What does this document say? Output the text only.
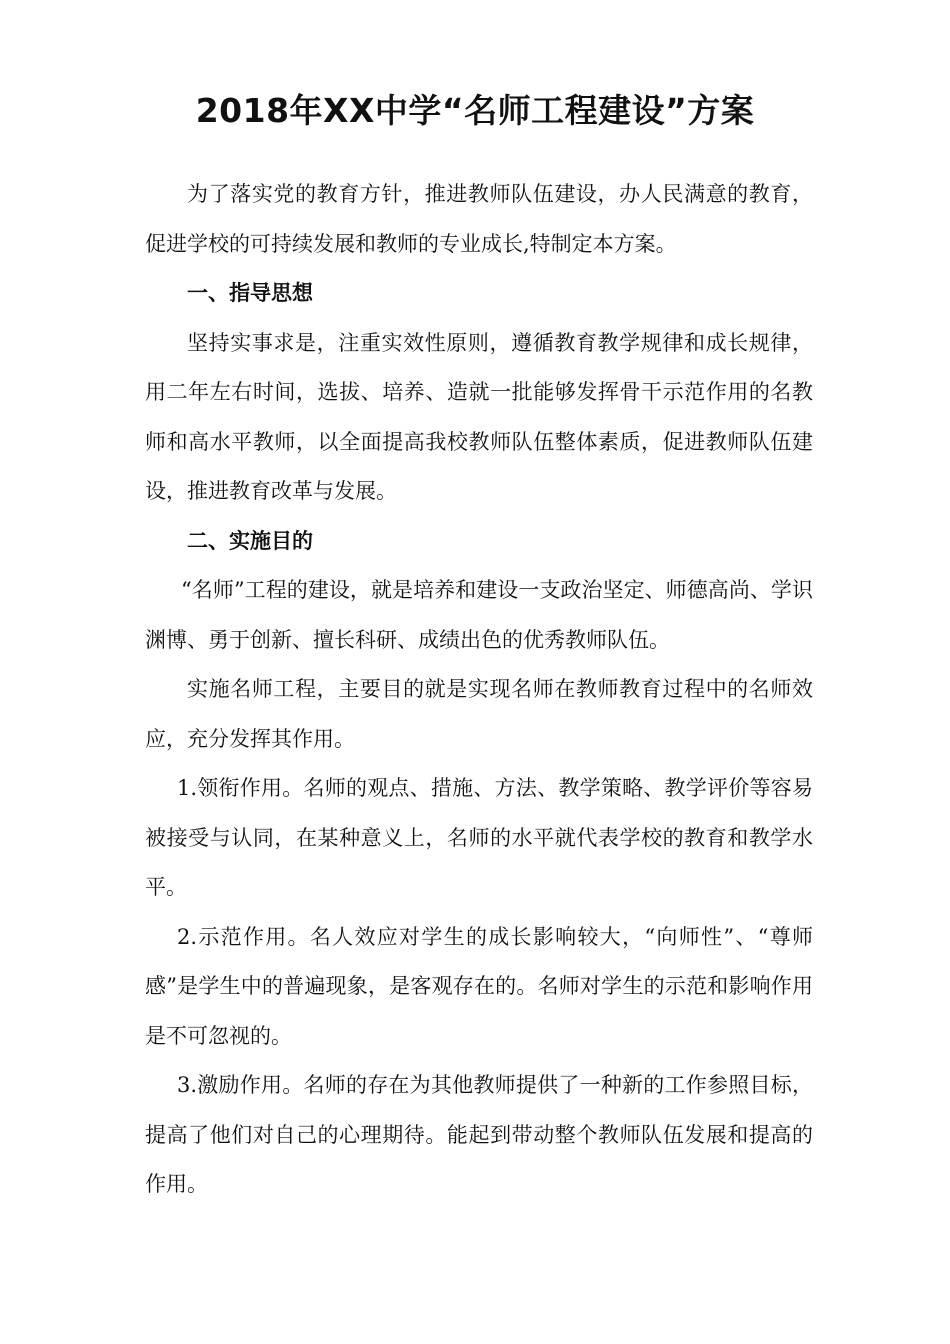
2018年XX中学“名师工程建设”方案

为了落实党的教育方针，推进教师队伍建设，办人民满意的教育，促进学校的可持续发展和教师的专业成长,特制定本方案。

一、指导思想

坚持实事求是，注重实效性原则，遵循教育教学规律和成长规律，用二年左右时间，选拔、培养、造就一批能够发挥骨干示范作用的名教师和高水平教师，以全面提高我校教师队伍整体素质，促进教师队伍建设，推进教育改革与发展。

二、实施目的

“名师”工程的建设，就是培养和建设一支政治坚定、师德高尚、学识渊博、勇于创新、擅长科研、成绩出色的优秀教师队伍。

实施名师工程，主要目的就是实现名师在教师教育过程中的名师效应，充分发挥其作用。

1.领衔作用。名师的观点、措施、方法、教学策略、教学评价等容易被接受与认同，在某种意义上，名师的水平就代表学校的教育和教学水平。

2.示范作用。名人效应对学生的成长影响较大，“向师性”、“尊师感”是学生中的普遍现象，是客观存在的。名师对学生的示范和影响作用是不可忽视的。

3.激励作用。名师的存在为其他教师提供了一种新的工作参照目标，提高了他们对自己的心理期待。能起到带动整个教师队伍发展和提高的作用。
